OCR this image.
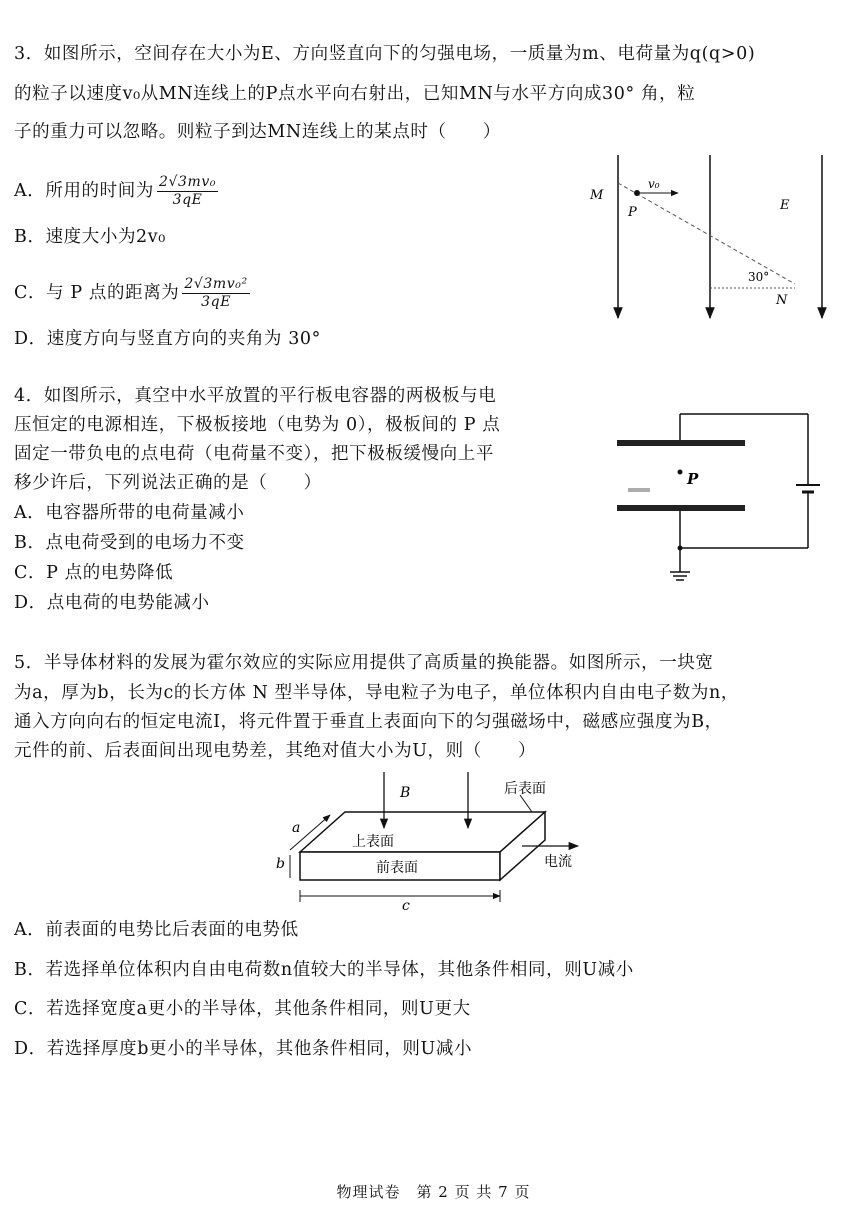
3．如图所示，空间存在大小为E、方向竖直向下的匀强电场，一质量为m、电荷量为q(q>0)
的粒子以速度v₀从MN连线上的P点水平向右射出，已知MN与水平方向成30° 角，粒
子的重力可以忽略。则粒子到达MN连线上的某点时（　　）
A．所用的时间为 $\frac{\text{2√3mv₀}}{3qE}$
B．速度大小为2v₀
C．与 P 点的距离为 $\frac{\text{2√3mv₀²}}{3qE}$
D．速度方向与竖直方向的夹角为 30°
4．如图所示，真空中水平放置的平行板电容器的两极板与电
压恒定的电源相连，下极板接地（电势为 0），极板间的 P 点
固定一带负电的点电荷（电荷量不变），把下极板缓慢向上平
移少许后，下列说法正确的是（　　）
A．电容器所带的电荷量减小
B．点电荷受到的电场力不变
C．P 点的电势降低
D．点电荷的电势能减小
5．半导体材料的发展为霍尔效应的实际应用提供了高质量的换能器。如图所示，一块宽
为a，厚为b，长为c的长方体 N 型半导体，导电粒子为电子，单位体积内自由电子数为n，
通入方向向右的恒定电流I，将元件置于垂直上表面向下的匀强磁场中，磁感应强度为B，
元件的前、后表面间出现电势差，其绝对值大小为U，则（　　）
A．前表面的电势比后表面的电势低
B．若选择单位体积内自由电荷数n值较大的半导体，其他条件相同，则U减小
C．若选择宽度a更小的半导体，其他条件相同，则U更大
D．若选择厚度b更小的半导体，其他条件相同，则U减小
物理试卷　第 2 页 共 7 页
M
P
v₀
E
30°
N
P
B	后表面
上表面
前表面	电流
a
b
c
